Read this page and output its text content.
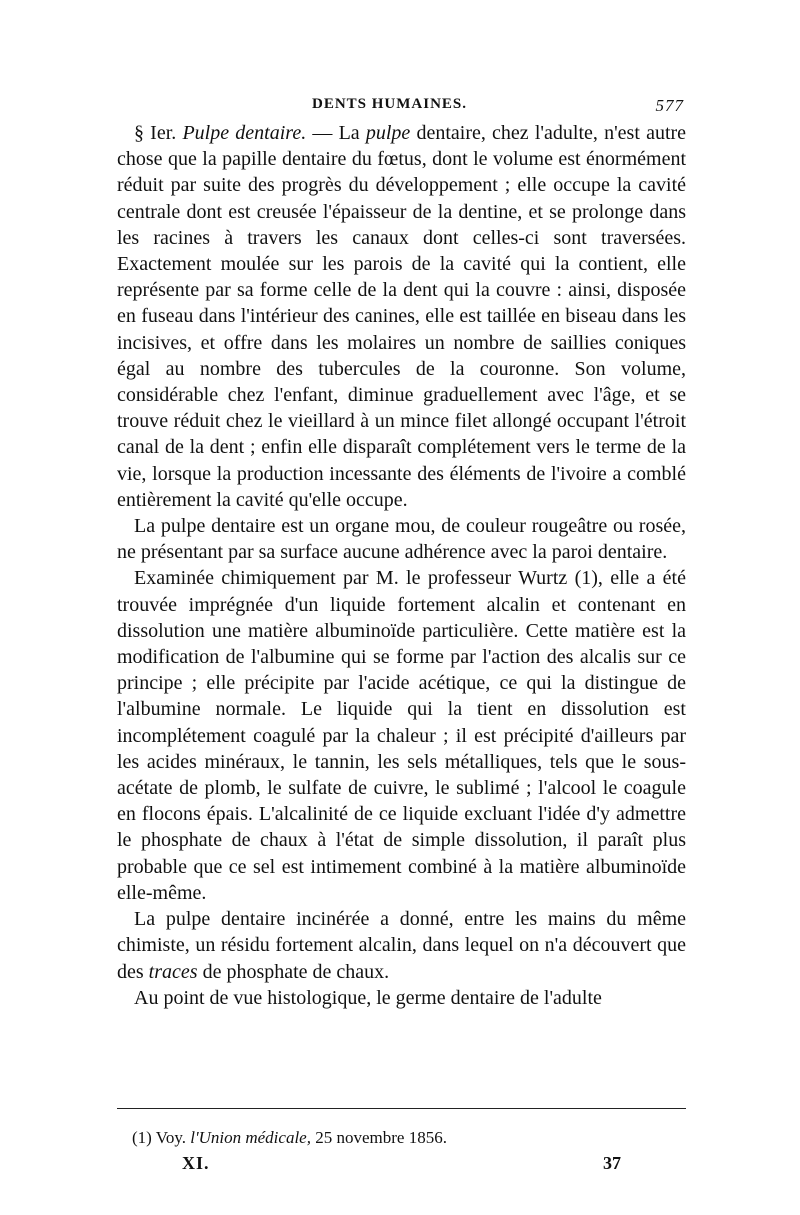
DENTS HUMAINES.	577

§ Ier. Pulpe dentaire. — La pulpe dentaire, chez l'adulte, n'est autre chose que la papille dentaire du fœtus, dont le volume est énormément réduit par suite des progrès du développement ; elle occupe la cavité centrale dont est creusée l'épaisseur de la dentine, et se prolonge dans les racines à travers les canaux dont celles-ci sont traversées. Exactement moulée sur les parois de la cavité qui la contient, elle représente par sa forme celle de la dent qui la couvre : ainsi, disposée en fuseau dans l'intérieur des canines, elle est taillée en biseau dans les incisives, et offre dans les molaires un nombre de saillies coniques égal au nombre des tubercules de la couronne. Son volume, considérable chez l'enfant, diminue graduellement avec l'âge, et se trouve réduit chez le vieillard à un mince filet allongé occupant l'étroit canal de la dent ; enfin elle disparaît complétement vers le terme de la vie, lorsque la production incessante des éléments de l'ivoire a comblé entièrement la cavité qu'elle occupe.

La pulpe dentaire est un organe mou, de couleur rougeâtre ou rosée, ne présentant par sa surface aucune adhérence avec la paroi dentaire.

Examinée chimiquement par M. le professeur Wurtz (1), elle a été trouvée imprégnée d'un liquide fortement alcalin et contenant en dissolution une matière albuminoïde particulière. Cette matière est la modification de l'albumine qui se forme par l'action des alcalis sur ce principe ; elle précipite par l'acide acétique, ce qui la distingue de l'albumine normale. Le liquide qui la tient en dissolution est incomplétement coagulé par la chaleur ; il est précipité d'ailleurs par les acides minéraux, le tannin, les sels métalliques, tels que le sous-acétate de plomb, le sulfate de cuivre, le sublimé ; l'alcool le coagule en flocons épais. L'alcalinité de ce liquide excluant l'idée d'y admettre le phosphate de chaux à l'état de simple dissolution, il paraît plus probable que ce sel est intimement combiné à la matière albuminoïde elle-même.

La pulpe dentaire incinérée a donné, entre les mains du même chimiste, un résidu fortement alcalin, dans lequel on n'a découvert que des traces de phosphate de chaux.

Au point de vue histologique, le germe dentaire de l'adulte

(1) Voy. l'Union médicale, 25 novembre 1856.
XI.	37
